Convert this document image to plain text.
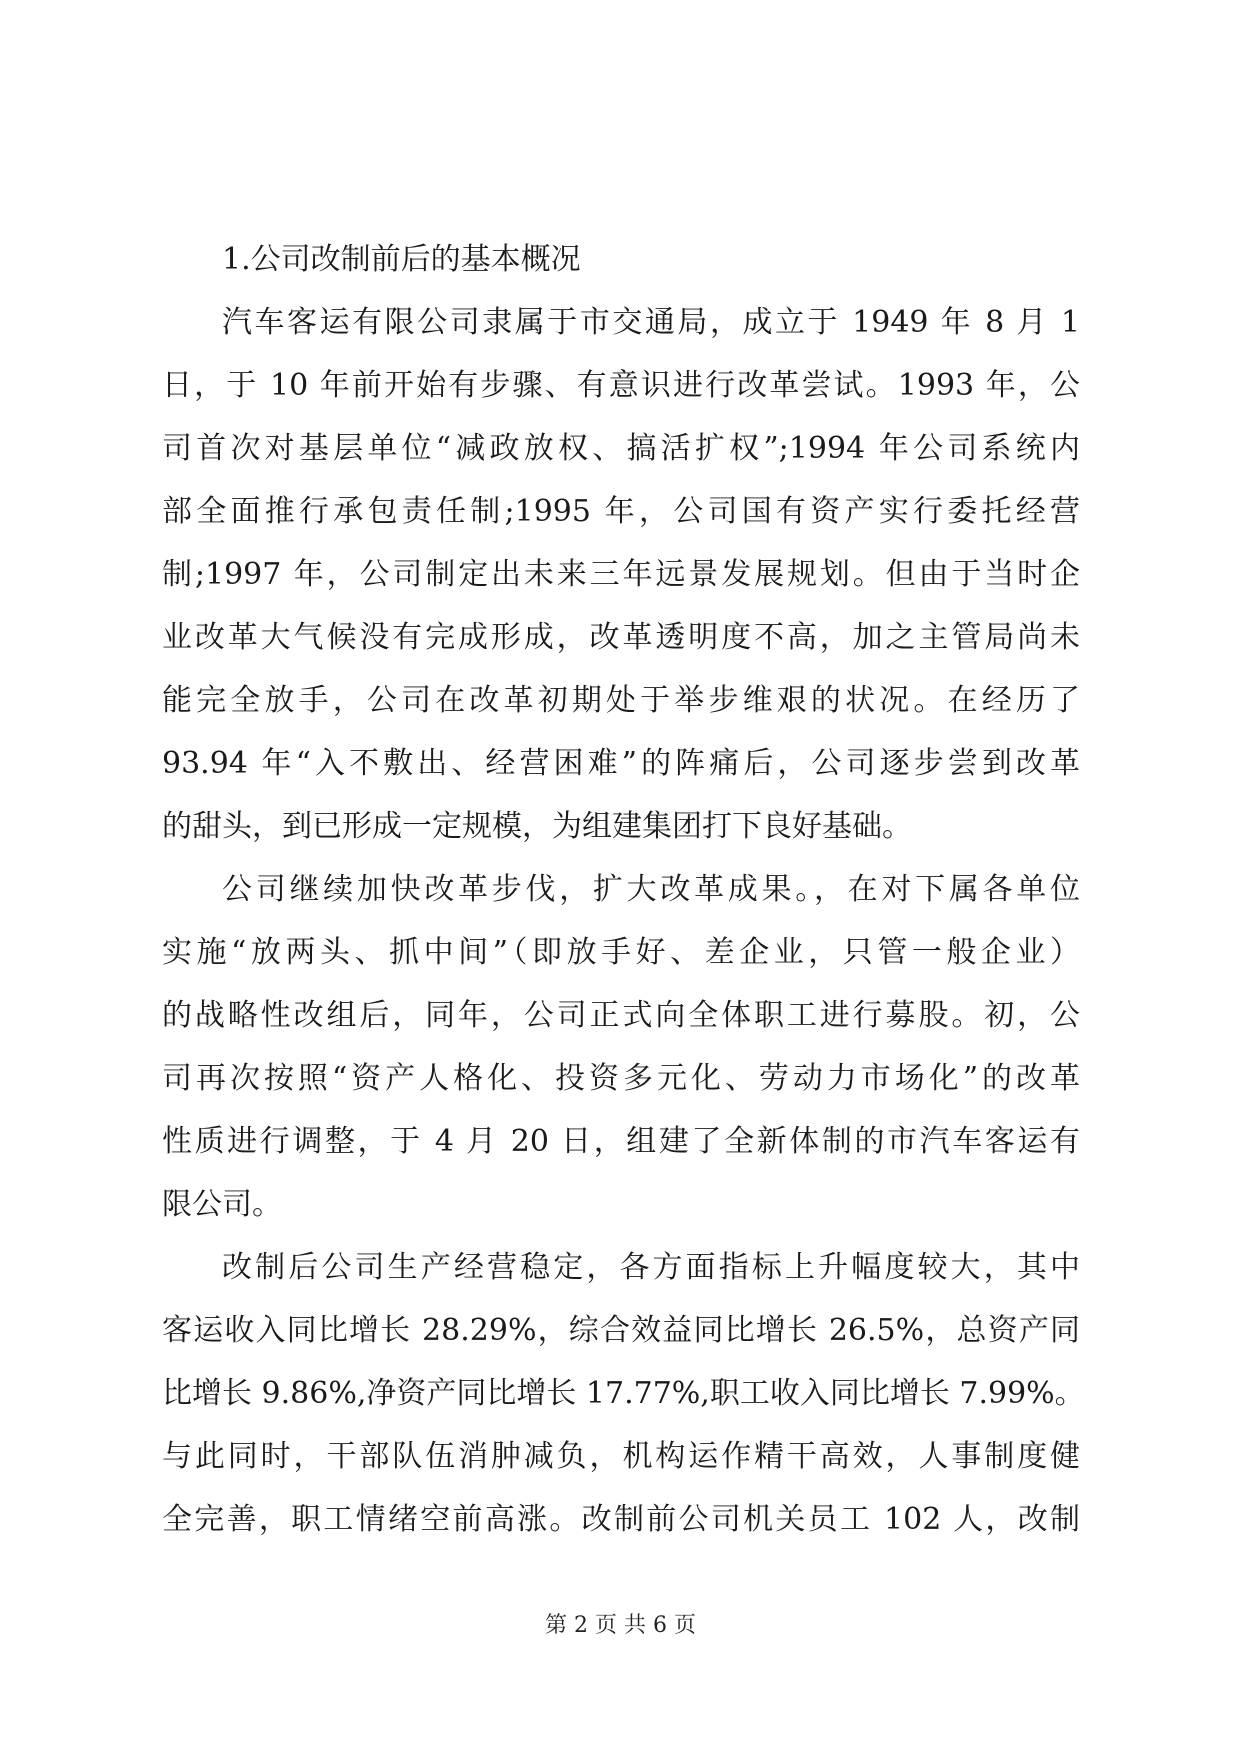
1.公司改制前后的基本概况
汽车客运有限公司隶属于市交通局，成立于 1949 年 8 月 1
日，于 10 年前开始有步骤、有意识进行改革尝试。1993 年，公
司首次对基层单位“减政放权、搞活扩权”;1994 年公司系统内
部全面推行承包责任制;1995 年，公司国有资产实行委托经营
制;1997 年，公司制定出未来三年远景发展规划。但由于当时企
业改革大气候没有完成形成，改革透明度不高，加之主管局尚未
能完全放手，公司在改革初期处于举步维艰的状况。在经历了
93.94 年“入不敷出、经营困难”的阵痛后，公司逐步尝到改革
的甜头，到已形成一定规模，为组建集团打下良好基础。
公司继续加快改革步伐，扩大改革成果。，在对下属各单位
实施“放两头、抓中间”（即放手好、差企业，只管一般企业）
的战略性改组后，同年，公司正式向全体职工进行募股。初，公
司再次按照“资产人格化、投资多元化、劳动力市场化”的改革
性质进行调整，于 4 月 20 日，组建了全新体制的市汽车客运有
限公司。
改制后公司生产经营稳定，各方面指标上升幅度较大，其中
客运收入同比增长 28.29%，综合效益同比增长 26.5%，总资产同
比增长 9.86%,净资产同比增长 17.77%,职工收入同比增长 7.99%。
与此同时，干部队伍消肿减负，机构运作精干高效，人事制度健
全完善，职工情绪空前高涨。改制前公司机关员工 102 人，改制
第 2 页 共 6 页
